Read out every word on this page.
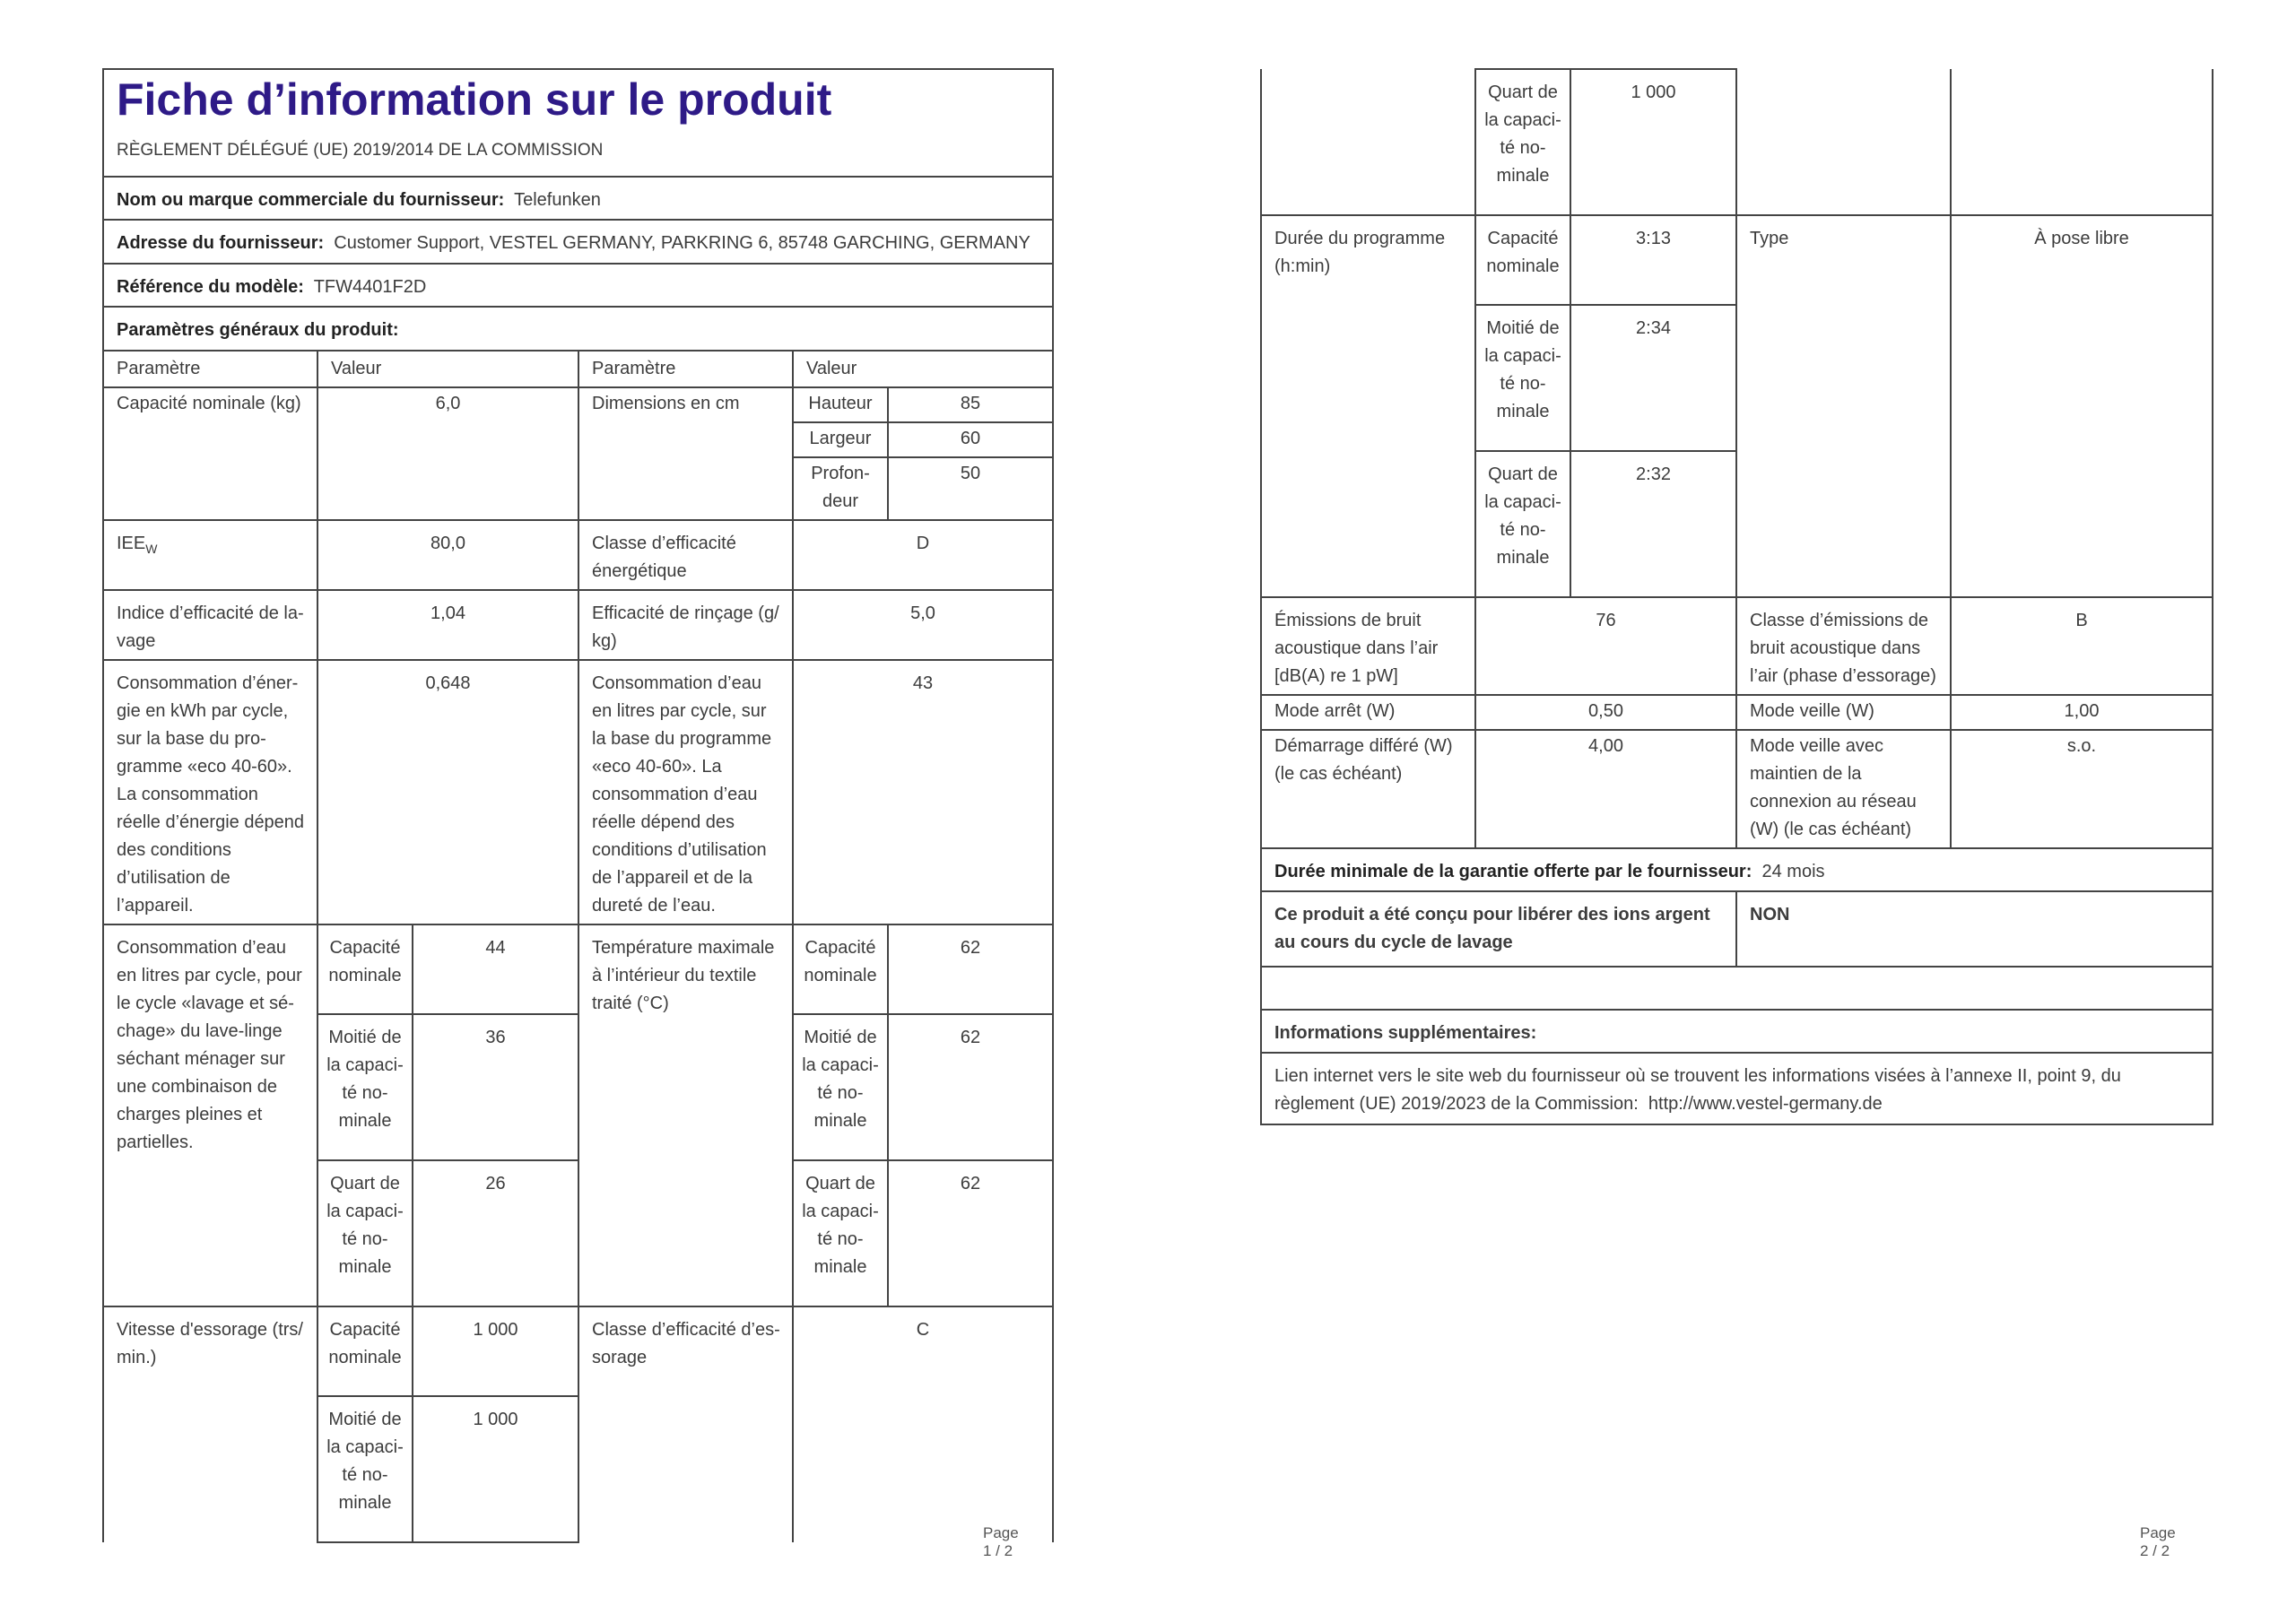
Fiche d’information sur le produit
RÈGLEMENT DÉLÉGUÉ (UE) 2019/2014 DE LA COMMISSION					

Nom ou marque commerciale du fournisseur: Telefunken					
Adresse du fournisseur: Customer Support, VESTEL GERMANY, PARKRING 6, 85748 GARCHING, GERMANY					
Référence du modèle: TFW4401F2D					
Paramètres généraux du produit:					
Paramètre	Valeur		Paramètre	Valeur	
Capacité nominale (kg)	6,0		Dimensions en cm	Hauteur	85
				Largeur	60
				Profondeur	50
$IEE_W$	80,0		Classe d’efficacité énergétique	D	
Indice d’efficacité de lavage	1,04		Efficacité de rinçage (g/ kg)	5,0	
Consommation d’énergie en kWh par cycle, sur la base du programme «eco 40-60». La consommation réelle d’énergie dépend des conditions d’utilisation de l’appareil.	0,648		Consommation d’eau en litres par cycle, sur la base du programme «eco 40-60». La consommation d’eau réelle dépend des conditions d’utilisation de l’appareil et de la dureté de l’eau.	43	
Consommation d’eau en litres par cycle, pour le cycle «lavage et séchage» du lave-linge séchant ménager sur une combinaison de charges pleines et partielles.	Capacité nominale	44	Température maximale à l’intérieur du textile traité (°C)	Capacité nominale	62
	Moitié de la capacité nominale	36		Moitié de la capacité nominale	62
	Quart de la capacité nominale	26		Quart de la capacité nominale	62
Vitesse d'essorage (trs/ min.)	Capacité nominale	1 000	Classe d’efficacité d’essorage	C	
	Moitié de la capacité nominale	1 000			
Page 1 / 2
	Quart de la capacité nominale	1 000		
Durée du programme (h:min)	Capacité nominale	3:13	Type	À pose libre
	Moitié de la capacité nominale	2:34		
	Quart de la capacité nominale	2:32		
Émissions de bruit acoustique dans l’air [dB(A) re 1 pW]	76		Classe d’émissions de bruit acoustique dans l’air (phase d’essorage)	B
Mode arrêt (W)	0,50		Mode veille (W)	1,00
Démarrage différé (W) (le cas échéant)	4,00		Mode veille avec maintien de la connexion au réseau (W) (le cas échéant)	s.o.
Durée minimale de la garantie offerte par le fournisseur: 24 mois				
Ce produit a été conçu pour libérer des ions argent au cours du cycle de lavage			NON	

Informations supplémentaires:				
Lien internet vers le site web du fournisseur où se trouvent les informations visées à l’annexe II, point 9, du règlement (UE) 2019/2023 de la Commission: http://www.vestel-germany.de				
Page 2 / 2
